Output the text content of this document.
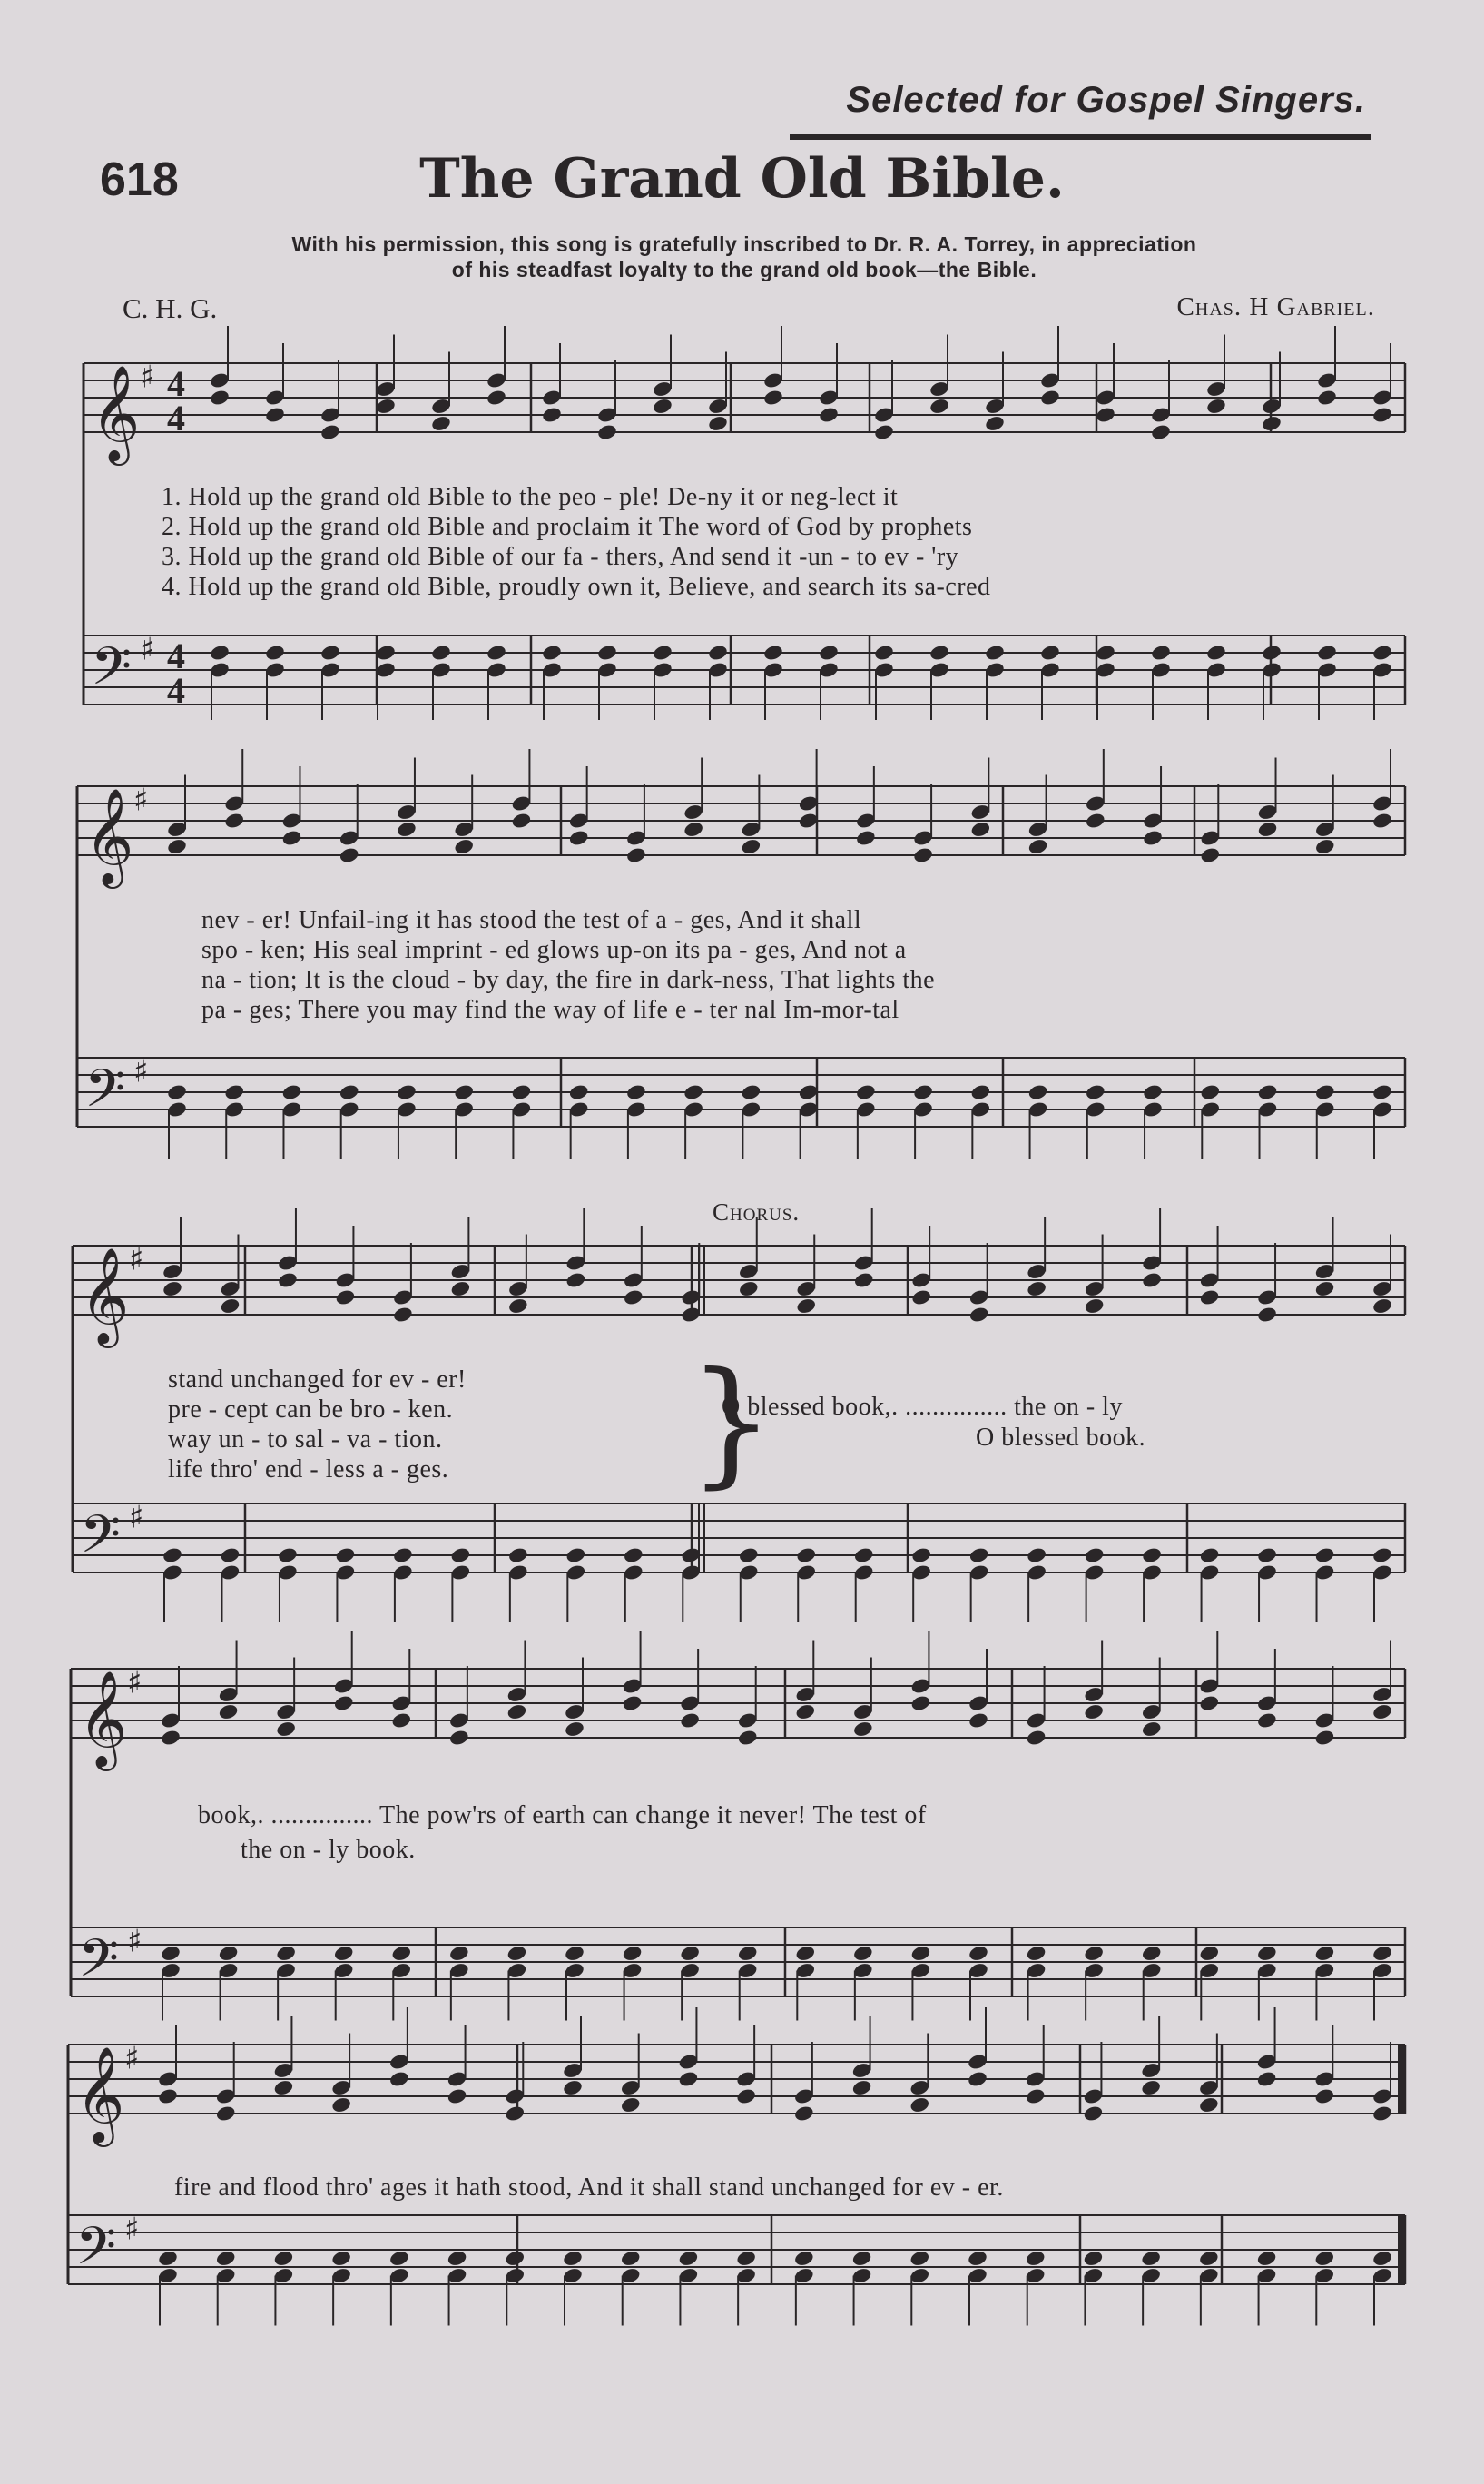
Selected for Gospel Singers.
618	The Grand Old Bible.
With his permission, this song is gratefully inscribed to Dr. R. A. Torrey, in appreciation
of his steadfast loyalty to the grand old book—the Bible.
C. H. G.	Chas. H Gabriel.
𝄞 ♯ 4
4
𝄢 ♯ 4
4
𝄞 ♯
𝄢 ♯
𝄞 ♯
𝄢 ♯
𝄞 ♯
𝄢 ♯
𝄞 ♯
𝄢 ♯
1. Hold up the grand old Bible to the peo - ple! De-ny it or neg-lect it
2. Hold up the grand old Bible and proclaim it The word of God by prophets
3. Hold up the grand old Bible of our fa - thers, And send it -un - to ev - 'ry
4. Hold up the grand old Bible, proudly own it, Believe, and search its sa-cred
nev - er! Unfail-ing it has stood the test of a - ges, And it shall
spo - ken; His seal imprint - ed glows up-on its pa - ges, And not a
na - tion; It is the cloud - by day, the fire in dark-ness, That lights the
pa - ges; There you may find the way of life e - ter nal Im-mor-tal
Chorus.
stand unchanged for ev - er!
pre - cept can be bro - ken.
way un - to sal - va - tion.
life thro' end - less a - ges. }
O blessed book,. ............... the on - ly
O blessed book.
book,. ............... The pow'rs of earth can change it never! The test of
the on - ly book.
fire and flood thro' ages it hath stood, And it shall stand unchanged for ev - er.
